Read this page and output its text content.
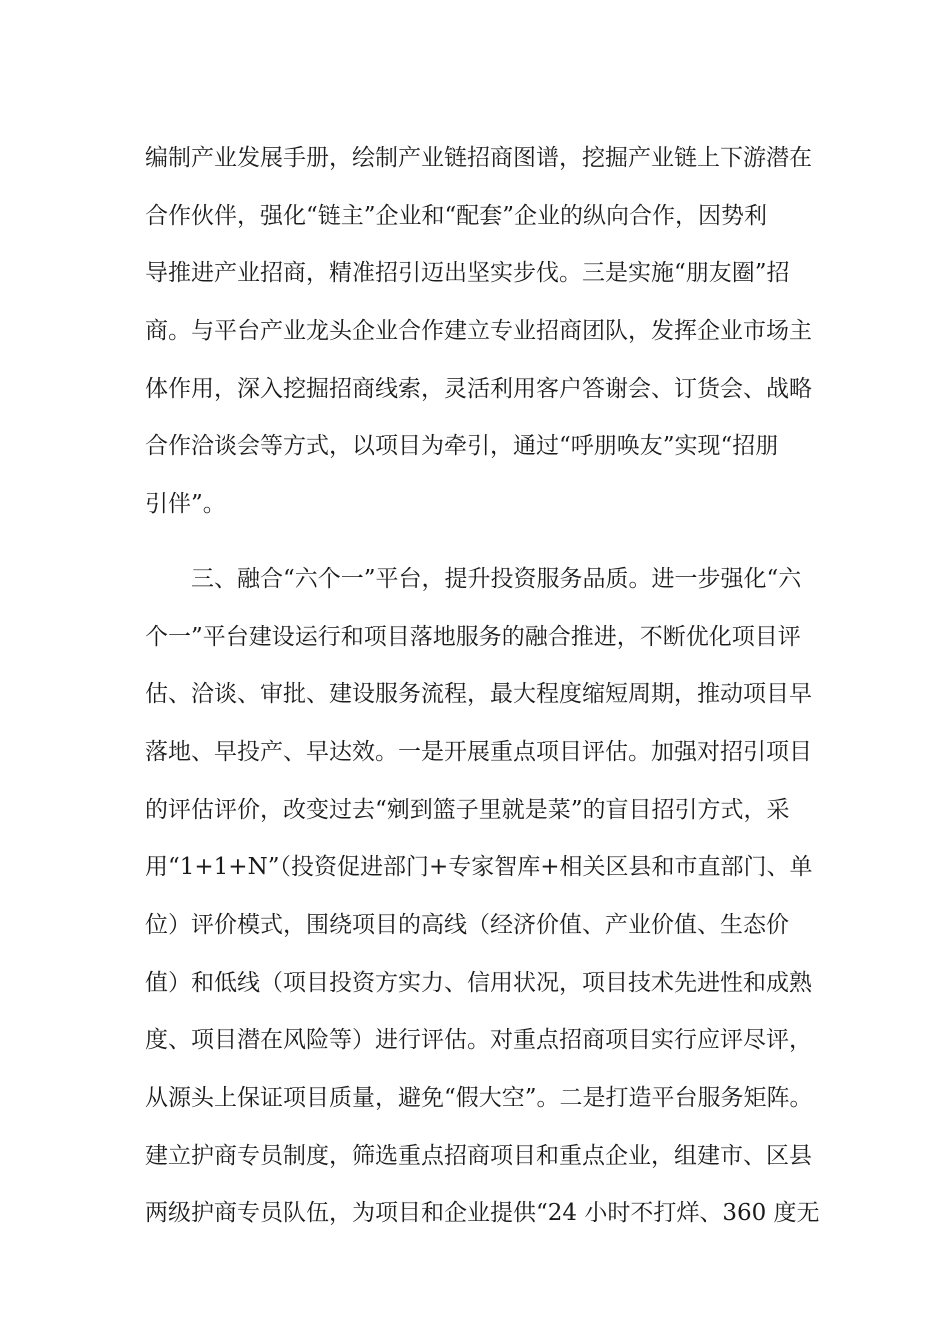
编制产业发展手册，绘制产业链招商图谱，挖掘产业链上下游潜在
合作伙伴，强化“链主”企业和“配套”企业的纵向合作，因势利
导推进产业招商，精准招引迈出坚实步伐。三是实施“朋友圈”招
商。与平台产业龙头企业合作建立专业招商团队，发挥企业市场主
体作用，深入挖掘招商线索，灵活利用客户答谢会、订货会、战略
合作洽谈会等方式，以项目为牵引，通过“呼朋唤友”实现“招朋
引伴”。
　　三、融合“六个一”平台，提升投资服务品质。进一步强化“六
个一”平台建设运行和项目落地服务的融合推进，不断优化项目评
估、洽谈、审批、建设服务流程，最大程度缩短周期，推动项目早
落地、早投产、早达效。一是开展重点项目评估。加强对招引项目
的评估评价，改变过去“剜到篮子里就是菜”的盲目招引方式，采
用“1+1+N”（投资促进部门+专家智库+相关区县和市直部门、单
位）评价模式，围绕项目的高线（经济价值、产业价值、生态价
值）和低线（项目投资方实力、信用状况，项目技术先进性和成熟
度、项目潜在风险等）进行评估。对重点招商项目实行应评尽评，
从源头上保证项目质量，避免“假大空”。二是打造平台服务矩阵。
建立护商专员制度，筛选重点招商项目和重点企业，组建市、区县
两级护商专员队伍，为项目和企业提供“24 小时不打烊、360 度无
